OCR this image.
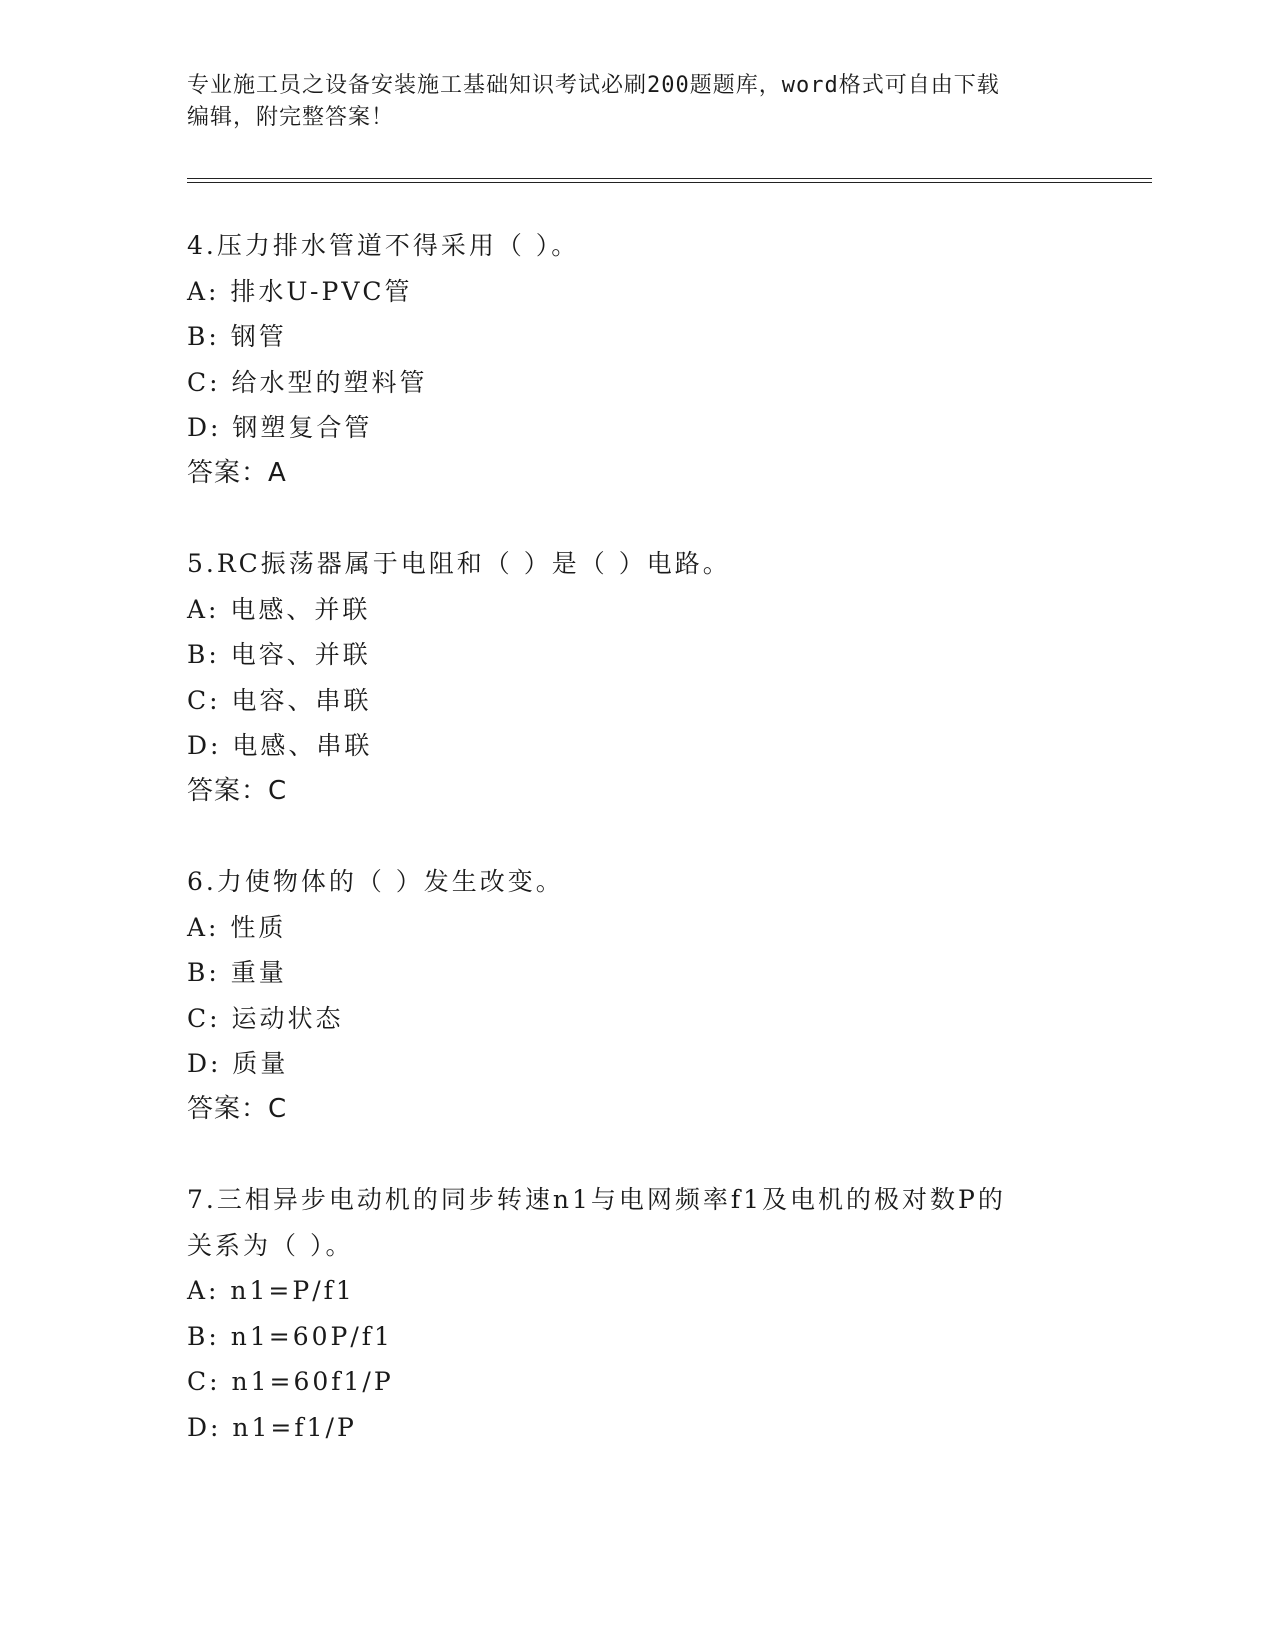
专业施工员之设备安装施工基础知识考试必刷200题题库，word格式可自由下载
编辑，附完整答案！
4.压力排水管道不得采用（ ）。
A: 排水U-PVC管
B: 钢管
C: 给水型的塑料管
D: 钢塑复合管
答案：A
5.RC振荡器属于电阻和（ ）是（ ）电路。
A: 电感、并联
B: 电容、并联
C: 电容、串联
D: 电感、串联
答案：C
6.力使物体的（ ）发生改变。
A: 性质
B: 重量
C: 运动状态
D: 质量
答案：C
7.三相异步电动机的同步转速n1与电网频率f1及电机的极对数P的
关系为（ ）。
A: n1=P/f1
B: n1=60P/f1
C: n1=60f1/P
D: n1=f1/P
